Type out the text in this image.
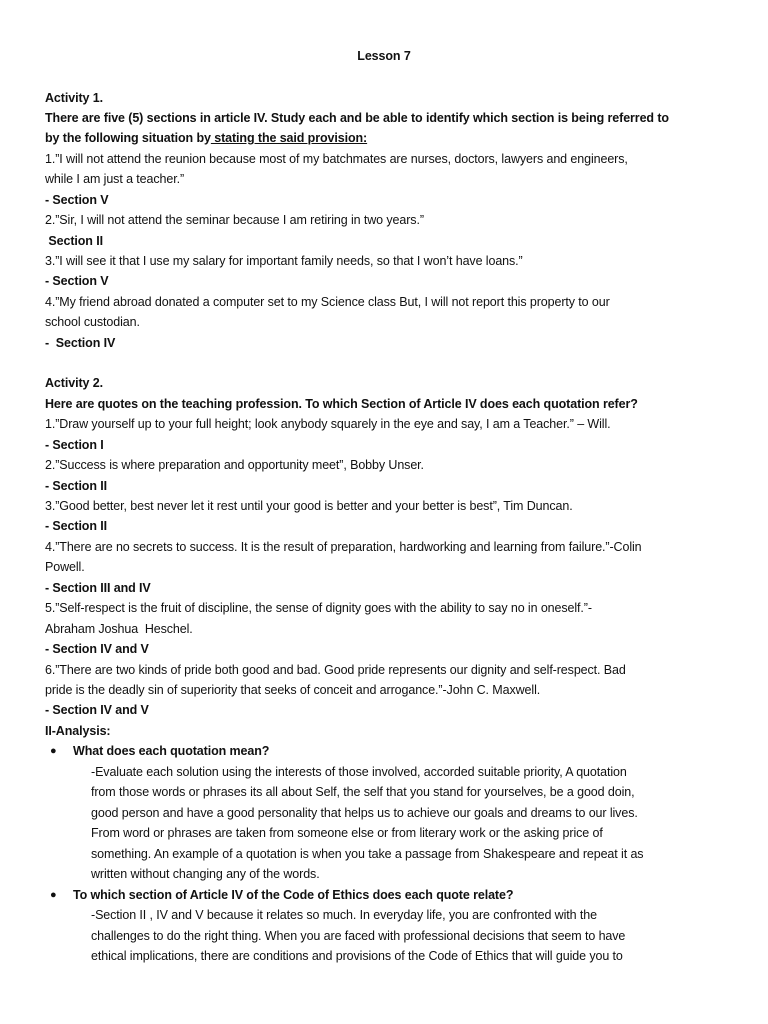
Lesson 7
Activity 1.
There are five (5) sections in article IV. Study each and be able to identify which section is being referred to
by the following situation by stating the said provision:
1.”I will not attend the reunion because most of my batchmates are nurses, doctors, lawyers and engineers,
while I am just a teacher.”
- Section V
2.”Sir, I will not attend the seminar because I am retiring in two years.”
Section II
3.”I will see it that I use my salary for important family needs, so that I won’t have loans.”
- Section V
4.”My friend abroad donated a computer set to my Science class But, I will not report this property to our
school custodian.
-  Section IV
Activity 2.
Here are quotes on the teaching profession. To which Section of Article IV does each quotation refer?
1.”Draw yourself up to your full height; look anybody squarely in the eye and say, I am a Teacher.” – Will.
- Section I
2.”Success is where preparation and opportunity meet”, Bobby Unser.
- Section II
3.”Good better, best never let it rest until your good is better and your better is best”, Tim Duncan.
- Section II
4.”There are no secrets to success. It is the result of preparation, hardworking and learning from failure.”-Colin
Powell.
- Section III and IV
5.”Self-respect is the fruit of discipline, the sense of dignity goes with the ability to say no in oneself.”-
Abraham Joshua  Heschel.
- Section IV and V
6.”There are two kinds of pride both good and bad. Good pride represents our dignity and self-respect. Bad
pride is the deadly sin of superiority that seeks of conceit and arrogance.”-John C. Maxwell.
- Section IV and V
II-Analysis:
● What does each quotation mean?
-Evaluate each solution using the interests of those involved, accorded suitable priority, A quotation
from those words or phrases its all about Self, the self that you stand for yourselves, be a good doin,
good person and have a good personality that helps us to achieve our goals and dreams to our lives.
From word or phrases are taken from someone else or from literary work or the asking price of
something. An example of a quotation is when you take a passage from Shakespeare and repeat it as
written without changing any of the words.
● To which section of Article IV of the Code of Ethics does each quote relate?
-Section II , IV and V because it relates so much. In everyday life, you are confronted with the
challenges to do the right thing. When you are faced with professional decisions that seem to have
ethical implications, there are conditions and provisions of the Code of Ethics that will guide you to
